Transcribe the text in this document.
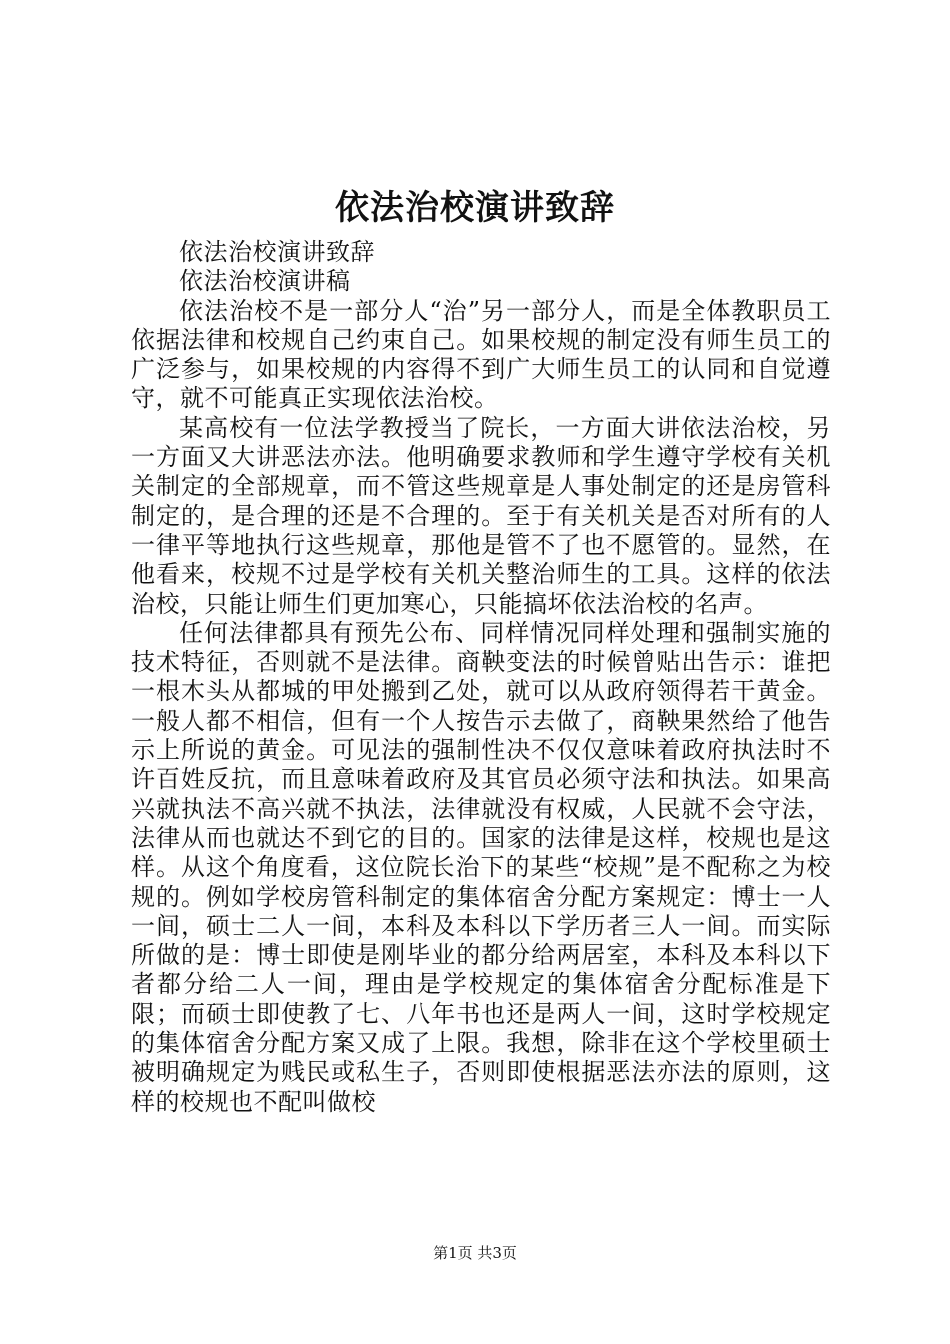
依法治校演讲致辞

依法治校演讲致辞

依法治校演讲稿

依法治校不是一部分人“治”另一部分人，而是全体教职员工依据法律和校规自己约束自己。如果校规的制定没有师生员工的广泛参与，如果校规的内容得不到广大师生员工的认同和自觉遵守，就不可能真正实现依法治校。

某高校有一位法学教授当了院长，一方面大讲依法治校，另一方面又大讲恶法亦法。他明确要求教师和学生遵守学校有关机关制定的全部规章，而不管这些规章是人事处制定的还是房管科制定的，是合理的还是不合理的。至于有关机关是否对所有的人一律平等地执行这些规章，那他是管不了也不愿管的。显然，在他看来，校规不过是学校有关机关整治师生的工具。这样的依法治校，只能让师生们更加寒心，只能搞坏依法治校的名声。

任何法律都具有预先公布、同样情况同样处理和强制实施的技术特征，否则就不是法律。商鞅变法的时候曾贴出告示：谁把一根木头从都城的甲处搬到乙处，就可以从政府领得若干黄金。一般人都不相信，但有一个人按告示去做了，商鞅果然给了他告示上所说的黄金。可见法的强制性决不仅仅意味着政府执法时不许百姓反抗，而且意味着政府及其官员必须守法和执法。如果高兴就执法不高兴就不执法，法律就没有权威，人民就不会守法，法律从而也就达不到它的目的。国家的法律是这样，校规也是这样。从这个角度看，这位院长治下的某些“校规”是不配称之为校规的。例如学校房管科制定的集体宿舍分配方案规定：博士一人一间，硕士二人一间，本科及本科以下学历者三人一间。而实际所做的是：博士即使是刚毕业的都分给两居室，本科及本科以下者都分给二人一间，理由是学校规定的集体宿舍分配标准是下限；而硕士即使教了七、八年书也还是两人一间，这时学校规定的集体宿舍分配方案又成了上限。我想，除非在这个学校里硕士被明确规定为贱民或私生子，否则即使根据恶法亦法的原则，这样的校规也不配叫做校

第1页 共3页
